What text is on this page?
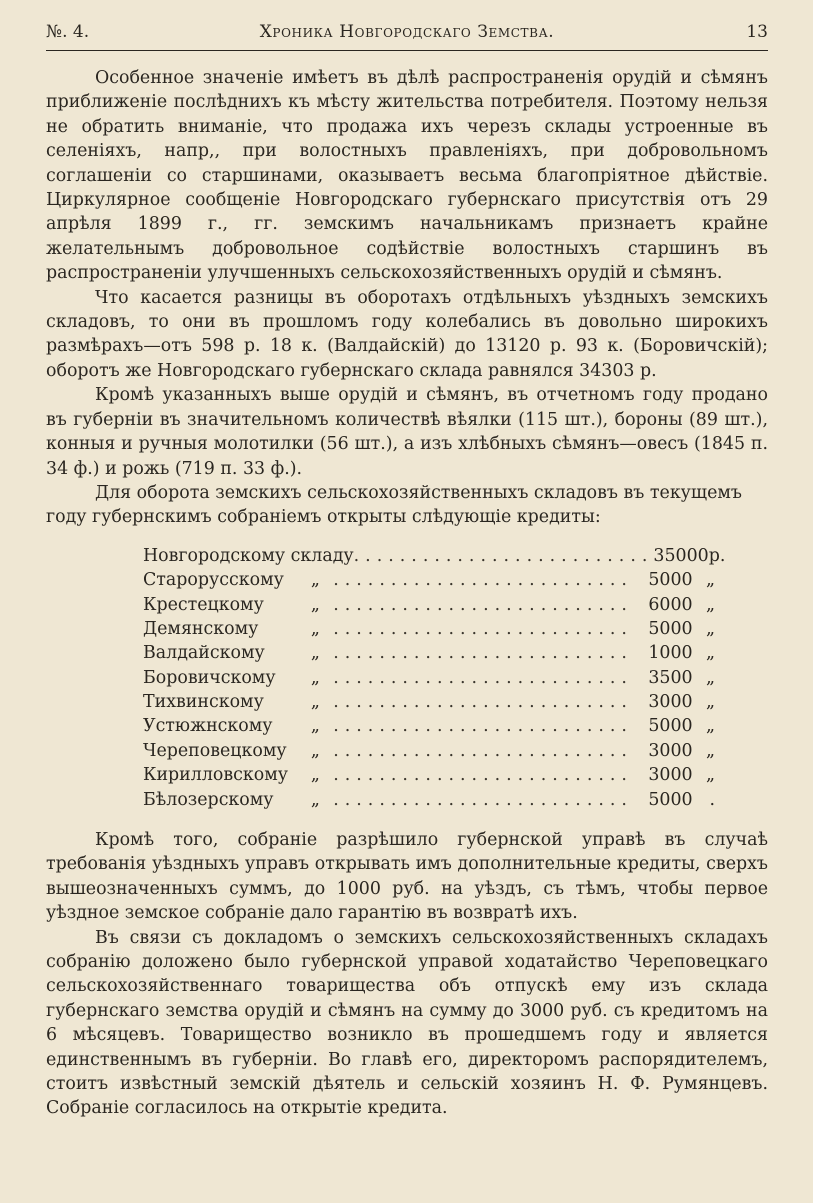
№. 4.	Хроника Новгородскаго Земства.	13

Особенное значеніе имѣетъ въ дѣлѣ распространенія орудій и сѣмянъ приближеніе послѣднихъ къ мѣсту жительства потребителя. Поэтому нельзя не обратить вниманіе, что продажа ихъ черезъ склады устроенные въ селеніяхъ, напр,, при волостныхъ правленіяхъ, при добровольномъ соглашеніи со старшинами, оказываетъ весьма благопріятное дѣйствіе. Циркулярное сообщеніе Новгородскаго губернскаго присутствія отъ 29 апрѣля 1899 г., гг. земскимъ начальникамъ признаетъ крайне желательнымъ добровольное содѣйствіе волостныхъ старшинъ въ распространеніи улучшенныхъ сельскохозяйственныхъ орудій и сѣмянъ.

Что касается разницы въ оборотахъ отдѣльныхъ уѣздныхъ земскихъ складовъ, то они въ прошломъ году колебались въ довольно широкихъ размѣрахъ—отъ 598 р. 18 к. (Валдайскій) до 13120 р. 93 к. (Боровичскій); оборотъ же Новгородскаго губернскаго склада равнялся 34303 р.

Кромѣ указанныхъ выше орудій и сѣмянъ, въ отчетномъ году продано въ губерніи въ значительномъ количествѣ вѣялки (115 шт.), бороны (89 шт.), конныя и ручныя молотилки (56 шт.), а изъ хлѣбныхъ сѣмянъ—овесъ (1845 п. 34 ф.) и рожь (719 п. 33 ф.).

Для оборота земскихъ сельскохозяйственныхъ складовъ въ текущемъ году губернскимъ собраніемъ открыты слѣдующіе кредиты:

Новгородскому складу .......................... 35000 р.
Старорусскому	„ .......................... 5000 „
Крестецкому	„ .......................... 6000 „
Демянскому	„ .......................... 5000 „
Валдайскому	„ .......................... 1000 „
Боровичскому	„ .......................... 3500 „
Тихвинскому	„ .......................... 3000 „
Устюжнскому	„ .......................... 5000 „
Череповецкому	„ .......................... 3000 „
Кирилловскому	„ .......................... 3000 „
Бѣлозерскому	„ .......................... 5000 .

Кромѣ того, собраніе разрѣшило губернской управѣ въ случаѣ требованія уѣздныхъ управъ открывать имъ дополнительные кредиты, сверхъ вышеозначенныхъ суммъ, до 1000 руб. на уѣздъ, съ тѣмъ, чтобы первое уѣздное земское собраніе дало гарантію въ возвратѣ ихъ.

Въ связи съ докладомъ о земскихъ сельскохозяйственныхъ складахъ собранію доложено было губернской управой ходатайство Череповецкаго сельскохозяйственнаго товарищества объ отпускѣ ему изъ склада губернскаго земства орудій и сѣмянъ на сумму до 3000 руб. съ кредитомъ на 6 мѣсяцевъ. Товарищество возникло въ прошедшемъ году и является единственнымъ въ губерніи. Во главѣ его, директоромъ распорядителемъ, стоитъ извѣстный земскій дѣятель и сельскій хозяинъ Н. Ф. Румянцевъ. Собраніе согласилось на открытіе кредита.
